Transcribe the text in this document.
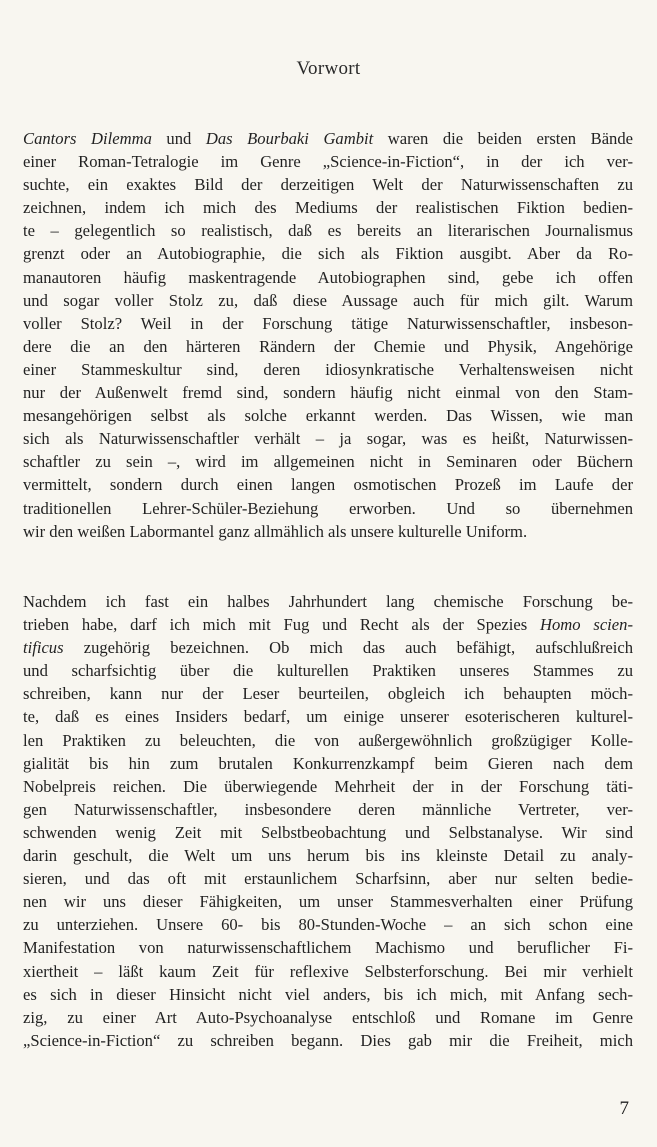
Vorwort
Cantors Dilemma und Das Bourbaki Gambit waren die beiden ersten Bände
einer Roman-Tetralogie im Genre „Science-in-Fiction“, in der ich ver-
suchte, ein exaktes Bild der derzeitigen Welt der Naturwissenschaften zu
zeichnen, indem ich mich des Mediums der realistischen Fiktion bedien-
te – gelegentlich so realistisch, daß es bereits an literarischen Journalismus
grenzt oder an Autobiographie, die sich als Fiktion ausgibt. Aber da Ro-
manautoren häufig maskentragende Autobiographen sind, gebe ich offen
und sogar voller Stolz zu, daß diese Aussage auch für mich gilt. Warum
voller Stolz? Weil in der Forschung tätige Naturwissenschaftler, insbeson-
dere die an den härteren Rändern der Chemie und Physik, Angehörige
einer Stammeskultur sind, deren idiosynkratische Verhaltensweisen nicht
nur der Außenwelt fremd sind, sondern häufig nicht einmal von den Stam-
mesangehörigen selbst als solche erkannt werden. Das Wissen, wie man
sich als Naturwissenschaftler verhält – ja sogar, was es heißt, Naturwissen-
schaftler zu sein –, wird im allgemeinen nicht in Seminaren oder Büchern
vermittelt, sondern durch einen langen osmotischen Prozeß im Laufe der
traditionellen Lehrer-Schüler-Beziehung erworben. Und so übernehmen
wir den weißen Labormantel ganz allmählich als unsere kulturelle Uniform.
Nachdem ich fast ein halbes Jahrhundert lang chemische Forschung be-
trieben habe, darf ich mich mit Fug und Recht als der Spezies Homo scien-
tificus zugehörig bezeichnen. Ob mich das auch befähigt, aufschlußreich
und scharfsichtig über die kulturellen Praktiken unseres Stammes zu
schreiben, kann nur der Leser beurteilen, obgleich ich behaupten möch-
te, daß es eines Insiders bedarf, um einige unserer esoterischeren kulturel-
len Praktiken zu beleuchten, die von außergewöhnlich großzügiger Kolle-
gialität bis hin zum brutalen Konkurrenzkampf beim Gieren nach dem
Nobelpreis reichen. Die überwiegende Mehrheit der in der Forschung täti-
gen Naturwissenschaftler, insbesondere deren männliche Vertreter, ver-
schwenden wenig Zeit mit Selbstbeobachtung und Selbstanalyse. Wir sind
darin geschult, die Welt um uns herum bis ins kleinste Detail zu analy-
sieren, und das oft mit erstaunlichem Scharfsinn, aber nur selten bedie-
nen wir uns dieser Fähigkeiten, um unser Stammesverhalten einer Prüfung
zu unterziehen. Unsere 60- bis 80-Stunden-Woche – an sich schon eine
Manifestation von naturwissenschaftlichem Machismo und beruflicher Fi-
xiertheit – läßt kaum Zeit für reflexive Selbsterforschung. Bei mir verhielt
es sich in dieser Hinsicht nicht viel anders, bis ich mich, mit Anfang sech-
zig, zu einer Art Auto-Psychoanalyse entschloß und Romane im Genre
„Science-in-Fiction“ zu schreiben begann. Dies gab mir die Freiheit, mich
7
